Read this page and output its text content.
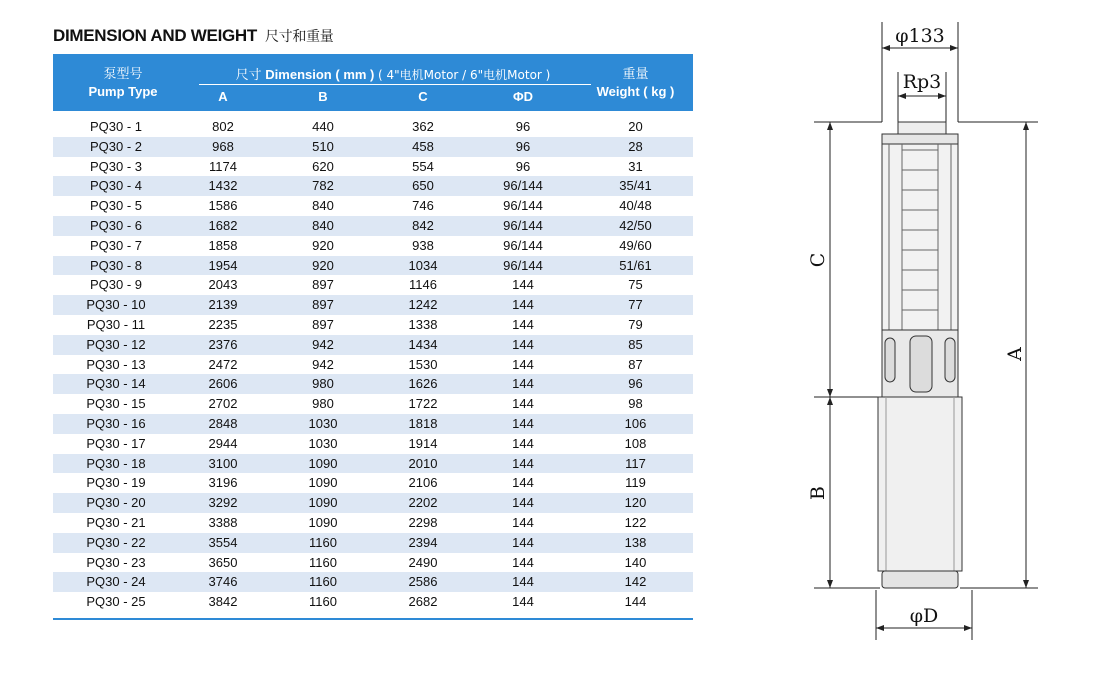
DIMENSION AND WEIGHT 尺寸和重量
泵型号
Pump Type
尺寸 Dimension ( mm ) ( 4"电机Motor / 6"电机Motor )
A	B	C	ΦD
重量
Weight ( kg )
PQ30 - 1	802	440	362	96	20
PQ30 - 2	968	510	458	96	28
PQ30 - 3	1174	620	554	96	31
PQ30 - 4	1432	782	650	96/144	35/41
PQ30 - 5	1586	840	746	96/144	40/48
PQ30 - 6	1682	840	842	96/144	42/50
PQ30 - 7	1858	920	938	96/144	49/60
PQ30 - 8	1954	920	1034	96/144	51/61
PQ30 - 9	2043	897	1146	144	75
PQ30 - 10	2139	897	1242	144	77
PQ30 - 11	2235	897	1338	144	79
PQ30 - 12	2376	942	1434	144	85
PQ30 - 13	2472	942	1530	144	87
PQ30 - 14	2606	980	1626	144	96
PQ30 - 15	2702	980	1722	144	98
PQ30 - 16	2848	1030	1818	144	106
PQ30 - 17	2944	1030	1914	144	108
PQ30 - 18	3100	1090	2010	144	117
PQ30 - 19	3196	1090	2106	144	119
PQ30 - 20	3292	1090	2202	144	120
PQ30 - 21	3388	1090	2298	144	122
PQ30 - 22	3554	1160	2394	144	138
PQ30 - 23	3650	1160	2490	144	140
PQ30 - 24	3746	1160	2586	144	142
PQ30 - 25	3842	1160	2682	144	144
φ133
Rp3
A
C
B
φD
